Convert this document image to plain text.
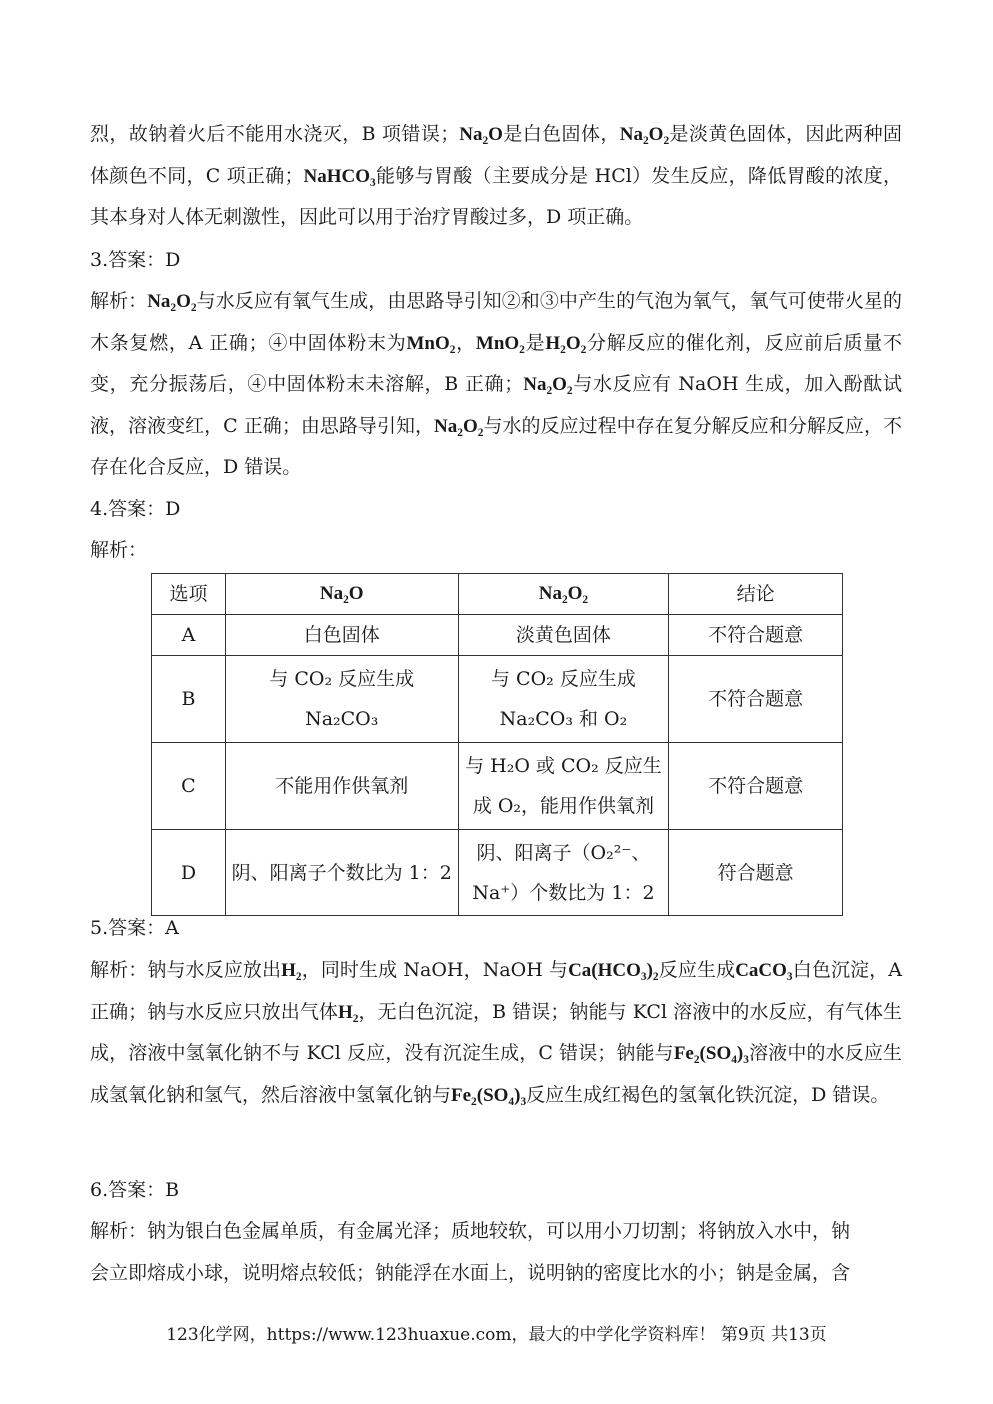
烈，故钠着火后不能用水浇灭，B 项错误；Na₂O是白色固体，Na₂O₂是淡黄色固体，因此两种固体颜色不同，C 项正确；NaHCO₃能够与胃酸（主要成分是 HCl）发生反应，降低胃酸的浓度，其本身对人体无刺激性，因此可以用于治疗胃酸过多，D 项正确。

3.答案：D

解析：Na₂O₂与水反应有氧气生成，由思路导引知②和③中产生的气泡为氧气，氧气可使带火星的木条复燃，A 正确；④中固体粉末为MnO₂，MnO₂是H₂O₂分解反应的催化剂，反应前后质量不变，充分振荡后，④中固体粉末未溶解，B 正确；Na₂O₂与水反应有 NaOH 生成，加入酚酞试液，溶液变红，C 正确；由思路导引知，Na₂O₂与水的反应过程中存在复分解反应和分解反应，不存在化合反应，D 错误。

4.答案：D

解析：

选项	Na₂O	Na₂O₂	结论
A	白色固体	淡黄色固体	不符合题意
B	与 CO₂ 反应生成 Na₂CO₃	与 CO₂ 反应生成 Na₂CO₃ 和 O₂	不符合题意
C	不能用作供氧剂	与 H₂O 或 CO₂ 反应生成 O₂，能用作供氧剂	不符合题意
D	阴、阳离子个数比为 1：2	阴、阳离子（O₂²⁻、Na⁺）个数比为 1：2	符合题意

5.答案：A

解析：钠与水反应放出H₂，同时生成 NaOH，NaOH 与Ca(HCO₃)₂反应生成CaCO₃白色沉淀，A 正确；钠与水反应只放出气体H₂，无白色沉淀，B 错误；钠能与 KCl 溶液中的水反应，有气体生成，溶液中氢氧化钠不与 KCl 反应，没有沉淀生成，C 错误；钠能与Fe₂(SO₄)₃溶液中的水反应生成氢氧化钠和氢气，然后溶液中氢氧化钠与Fe₂(SO₄)₃反应生成红褐色的氢氧化铁沉淀，D 错误。

6.答案：B

解析：钠为银白色金属单质，有金属光泽；质地较软，可以用小刀切割；将钠放入水中，钠
会立即熔成小球，说明熔点较低；钠能浮在水面上，说明钠的密度比水的小；钠是金属，含

123化学网，https://www.123huaxue.com，最大的中学化学资料库！ 第9页 共13页
